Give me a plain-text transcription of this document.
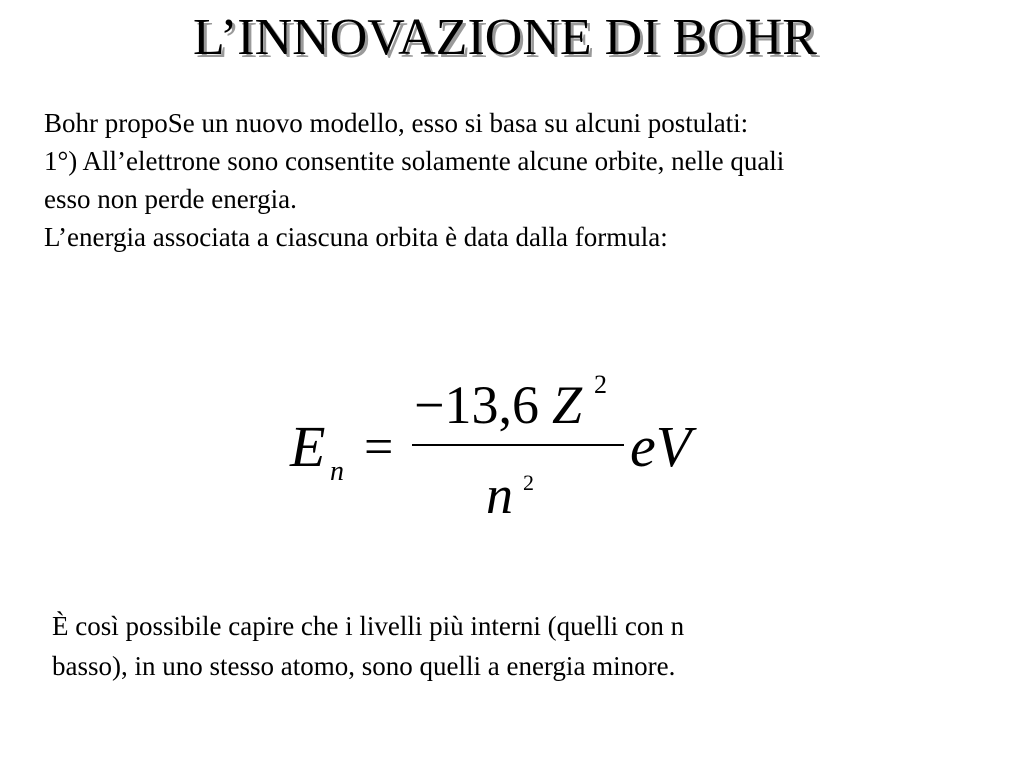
L’INNOVAZIONE DI BOHR
Bohr propoSe un nuovo modello, esso si basa su alcuni postulati:
1°) All’elettrone sono consentite solamente alcune orbite, nelle quali
esso non perde energia.
L’energia associata a ciascuna orbita è data dalla formula:
E n =
−13,6 Z 2
n 2
eV
È così possibile capire che i livelli più interni (quelli con n
basso), in uno stesso atomo, sono quelli a energia minore.
